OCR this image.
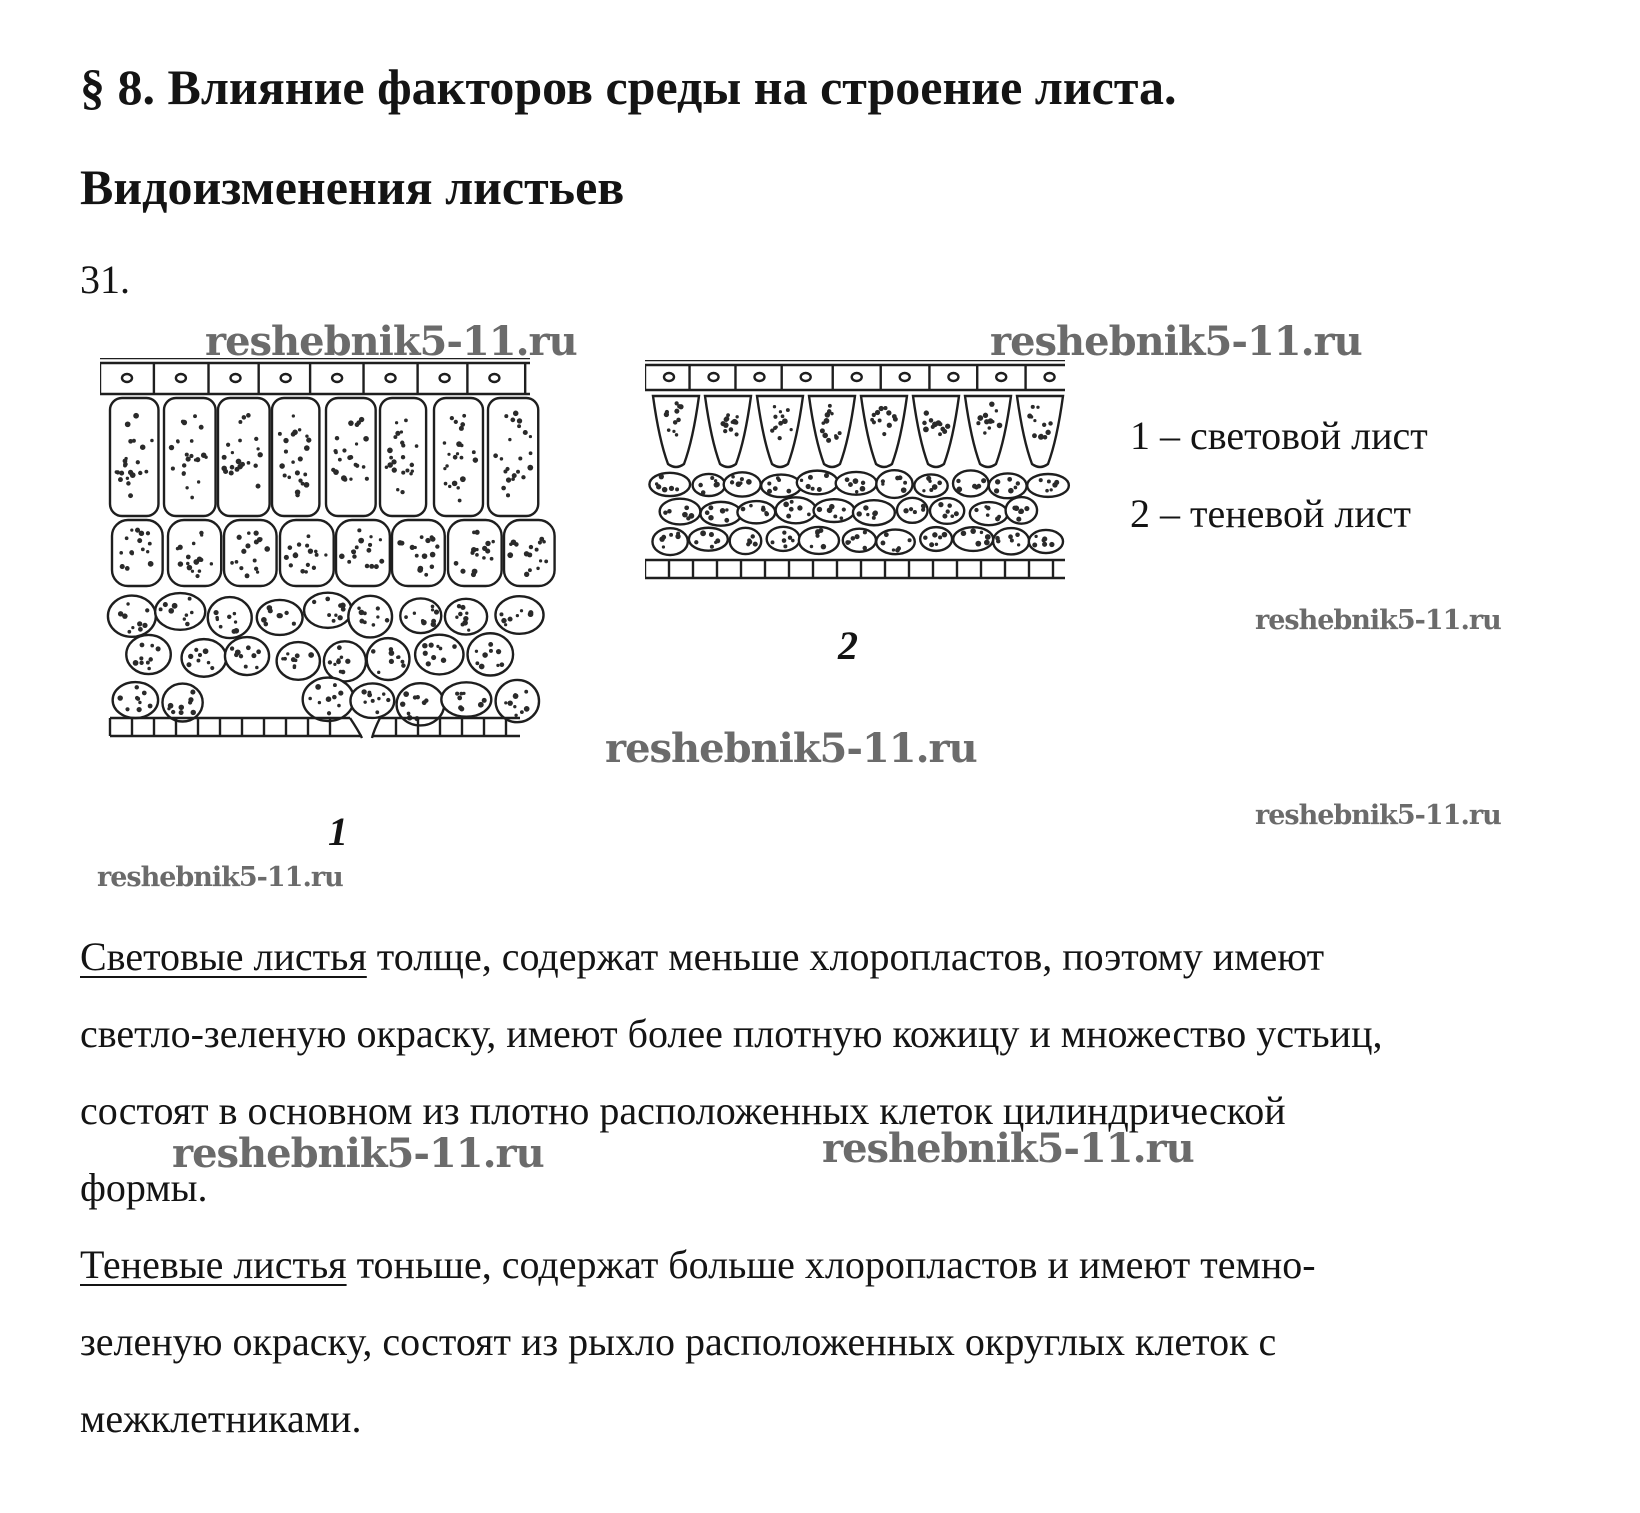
§ 8. Влияние факторов среды на строение листа.
Видоизменения листьев
31.
1
2
1 – световой лист
2 – теневой лист
reshebnik5-11.ru	reshebnik5-11.ru
reshebnik5-11.ru
reshebnik5-11.ru
reshebnik5-11.ru
reshebnik5-11.ru
Световые листья толще, содержат меньше хлоропластов, поэтому имеют
светло-зеленую окраску, имеют более плотную кожицу и множество устьиц,
состоят в основном из плотно расположенных клеток цилиндрической
формы.
reshebnik5-11.ru	reshebnik5-11.ru
Теневые листья тоньше, содержат больше хлоропластов и имеют темно-
зеленую окраску, состоят из рыхло расположенных округлых клеток с
межклетниками.
